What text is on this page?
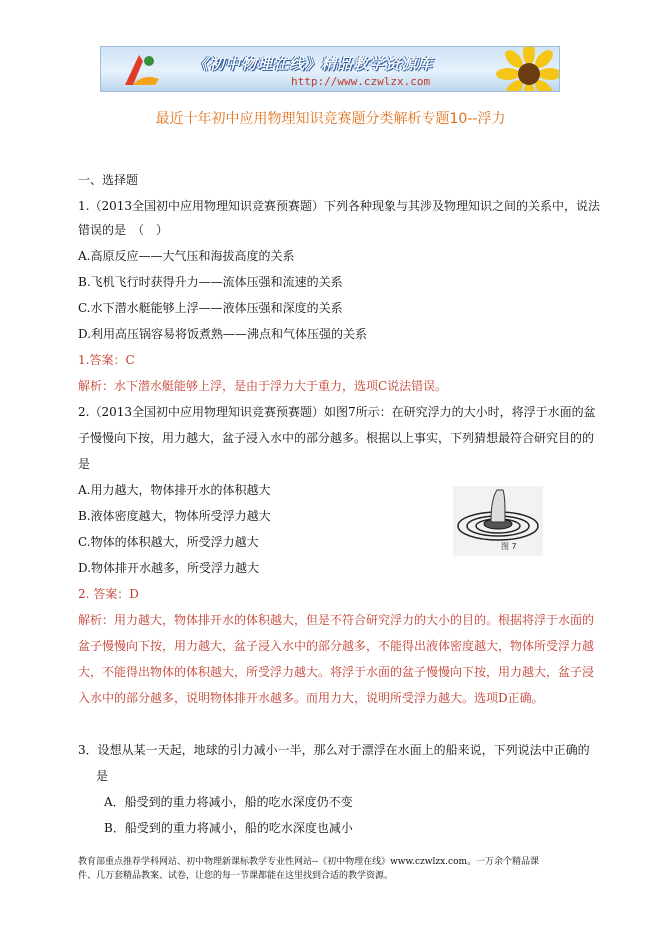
《初中物理在线》精品教学资源库
http://www.czwlzx.com
最近十年初中应用物理知识竞赛题分类解析专题10--浮力
一、选择题
1.（2013全国初中应用物理知识竞赛预赛题）下列各种现象与其涉及物理知识之间的关系中，说法
错误的是　（　）
A.高原反应——大气压和海拔高度的关系
B.飞机飞行时获得升力——流体压强和流速的关系
C.水下潜水艇能够上浮——液体压强和深度的关系
D.利用高压锅容易将饭煮熟——沸点和气体压强的关系
1.答案：C
解析：水下潜水艇能够上浮，是由于浮力大于重力，选项C说法错误。
2.（2013全国初中应用物理知识竞赛预赛题）如图7所示：在研究浮力的大小时，将浮于水面的盆
子慢慢向下按，用力越大，盆子浸入水中的部分越多。根据以上事实，下列猜想最符合研究目的的
是
A.用力越大，物体排开水的体积越大
B.液体密度越大，物体所受浮力越大
C.物体的体积越大，所受浮力越大
D.物体排开水越多，所受浮力越大
图 7
2. 答案：D
解析：用力越大，物体排开水的体积越大，但是不符合研究浮力的大小的目的。根据将浮于水面的
盆子慢慢向下按，用力越大，盆子浸入水中的部分越多，不能得出液体密度越大，物体所受浮力越
大，不能得出物体的体积越大，所受浮力越大。将浮于水面的盆子慢慢向下按，用力越大，盆子浸
入水中的部分越多，说明物体排开水越多。而用力大，说明所受浮力越大。选项D正确。
3．设想从某一天起，地球的引力减小一半，那么对于漂浮在水面上的船来说，下列说法中正确的
是
A．船受到的重力将减小，船的吃水深度仍不变
B．船受到的重力将减小，船的吃水深度也减小
教育部重点推荐学科网站、初中物理新课标教学专业性网站--《初中物理在线》www.czwlzx.com。一万余个精品课
件、几万套精品教案、试卷，让您的每一节课都能在这里找到合适的教学资源。
